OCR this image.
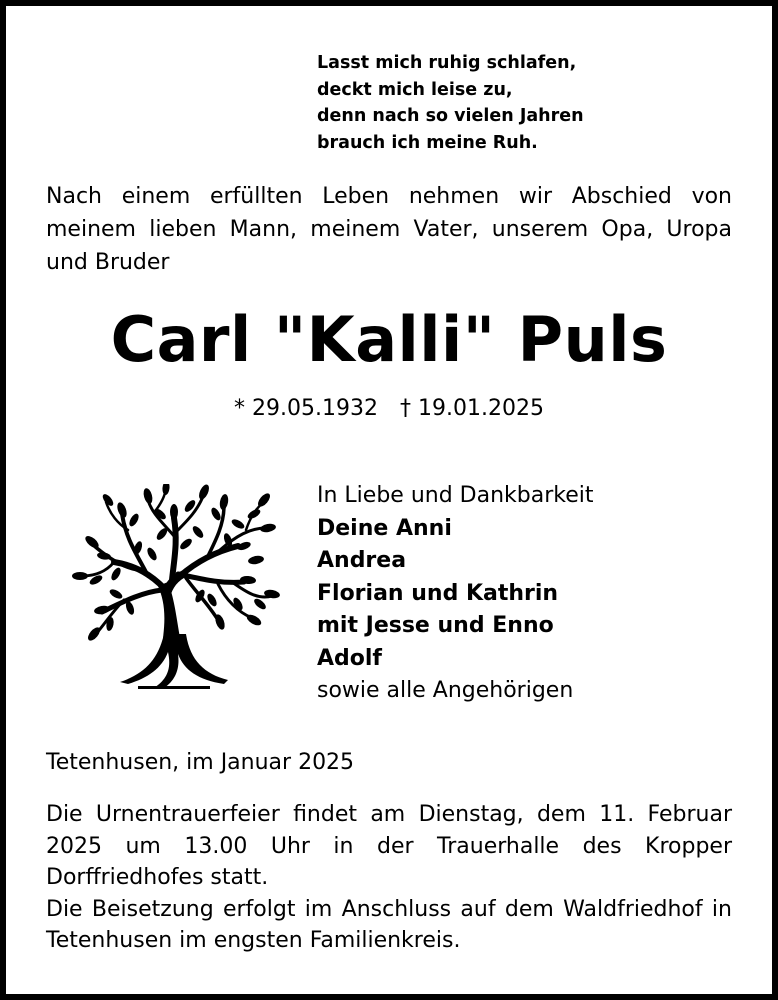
Lasst mich ruhig schlafen,
deckt mich leise zu,
denn nach so vielen Jahren
brauch ich meine Ruh.
Nach einem erfüllten Leben nehmen wir Abschied von meinem lieben Mann, meinem Vater, unserem Opa, Uropa und Bruder
Carl "Kalli" Puls
* 29.05.1932 † 19.01.2025
In Liebe und Dankbarkeit
Deine Anni
Andrea
Florian und Kathrin
mit Jesse und Enno
Adolf
sowie alle Angehörigen
Tetenhusen, im Januar 2025

Die Urnentrauerfeier findet am Dienstag, dem 11. Februar 2025 um 13.00 Uhr in der Trauerhalle des Kropper Dorffriedhofes statt.

Die Beisetzung erfolgt im Anschluss auf dem Waldfriedhof in Tetenhusen im engsten Familienkreis.
